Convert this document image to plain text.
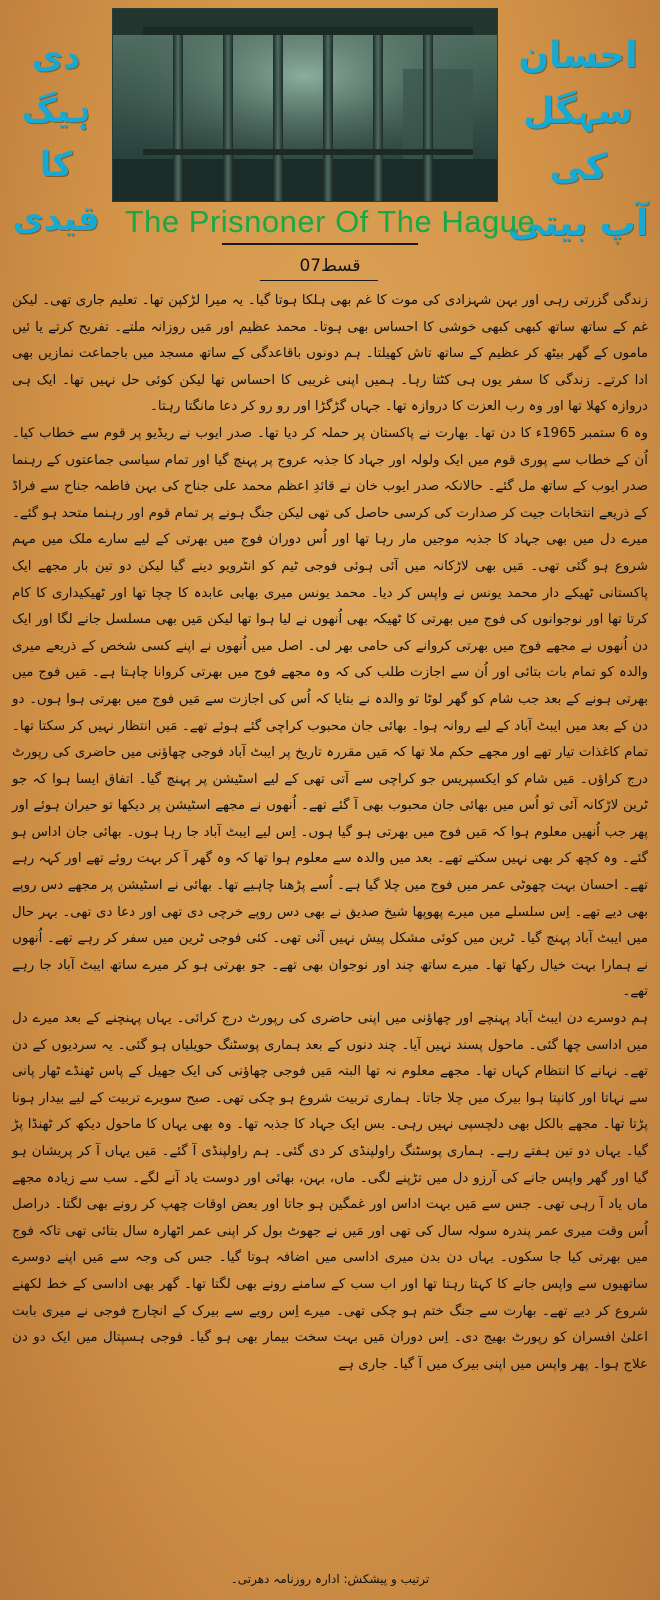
دی ہیگ
کا
قیدی
احسان سہگل
کی
آپ بیتی
The Prisnoner Of The Hague
قسط07

زندگی گزرتی رہی اور بہن شہزادی کی موت کا غم بھی ہلکا ہوتا گیا۔ یہ میرا لڑکپن تھا۔ تعلیم جاری تھی۔ لیکن غم کے ساتھ ساتھ کبھی کبھی خوشی کا احساس بھی ہوتا۔ محمد عظیم اور مَیں روزانہ ملتے۔ تفریح کرتے یا ئیں ماموں کے گھر بیٹھ کر عظیم کے ساتھ تاش کھیلتا۔ ہم دونوں باقاعدگی کے ساتھ مسجد میں باجماعت نمازیں بھی ادا کرتے۔ زندگی کا سفر یوں ہی کٹتا رہا۔ ہمیں اپنی غریبی کا احساس تھا لیکن کوئی حل نہیں تھا۔ ایک ہی دروازہ کھلا تھا اور وہ رب العزت کا دروازہ تھا۔ جہاں گڑگڑا اور رو رو کر دعا مانگتا رہتا۔

وہ 6 ستمبر 1965ء کا دن تھا۔ بھارت نے پاکستان پر حملہ کر دیا تھا۔ صدر ایوب نے ریڈیو پر قوم سے خطاب کیا۔ اُن کے خطاب سے پوری قوم میں ایک ولولہ اور جہاد کا جذبہ عروج پر پہنچ گیا اور تمام سیاسی جماعتوں کے رہنما صدر ایوب کے ساتھ مل گئے۔ حالانکہ صدر ایوب خان نے قائدِ اعظم محمد علی جناح کی بہن فاطمہ جناح سے فراڈ کے ذریعے انتخابات جیت کر صدارت کی کرسی حاصل کی تھی لیکن جنگ ہونے پر تمام قوم اور رہنما متحد ہو گئے۔ میرے دل میں بھی جہاد کا جذبہ موجیں مار رہا تھا اور اُس دوران فوج میں بھرتی کے لیے سارے ملک میں مہم شروع ہو گئی تھی۔ مَیں بھی لاڑکانہ میں آئی ہوئی فوجی ٹیم کو انٹرویو دینے گیا لیکن دو تین بار مجھے ایک پاکستانی ٹھیکے دار محمد یونس نے واپس کر دیا۔ محمد یونس میری بھابی عابدہ کا چچا تھا اور ٹھیکیداری کا کام کرتا تھا اور نوجوانوں کی فوج میں بھرتی کا ٹھیکہ بھی اُنھوں نے لیا ہوا تھا لیکن مَیں بھی مسلسل جانے لگا اور ایک دن اُنھوں نے مجھے فوج میں بھرتی کروانے کی حامی بھر لی۔ اصل میں اُنھوں نے اپنے کسی شخص کے ذریعے میری والدہ کو تمام بات بتائی اور اُن سے اجازت طلب کی کہ وہ مجھے فوج میں بھرتی کروانا چاہتا ہے۔ مَیں فوج میں بھرتی ہونے کے بعد جب شام کو گھر لوٹا تو والدہ نے بتایا کہ اُس کی اجازت سے مَیں فوج میں بھرتی ہوا ہوں۔ دو دن کے بعد میں ایبٹ آباد کے لیے روانہ ہوا۔ بھائی جان محبوب کراچی گئے ہوئے تھے۔ مَیں انتظار نہیں کر سکتا تھا۔ تمام کاغذات تیار تھے اور مجھے حکم ملا تھا کہ مَیں مقررہ تاریخ پر ایبٹ آباد فوجی چھاؤنی میں حاضری کی رپورٹ درج کراؤں۔ مَیں شام کو ایکسپریس جو کراچی سے آتی تھی کے لیے اسٹیشن پر پہنچ گیا۔ اتفاق ایسا ہوا کہ جو ٹرین لاڑکانہ آئی تو اُس میں بھائی جان محبوب بھی آ گئے تھے۔ اُنھوں نے مجھے اسٹیشن پر دیکھا تو حیران ہوئے اور پھر جب اُنھیں معلوم ہوا کہ مَیں فوج میں بھرتی ہو گیا ہوں۔ اِس لیے ایبٹ آباد جا رہا ہوں۔ بھائی جان اداس ہو گئے۔ وہ کچھ کر بھی نہیں سکتے تھے۔ بعد میں والدہ سے معلوم ہوا تھا کہ وہ گھر آ کر بہت روئے تھے اور کہہ رہے تھے۔ احسان بہت چھوٹی عمر میں فوج میں چلا گیا ہے۔ اُسے پڑھنا چاہیے تھا۔ بھائی نے اسٹیشن پر مجھے دس روپے بھی دیے تھے۔ اِس سلسلے میں میرے پھوپھا شیخ صدیق نے بھی دس روپے خرچی دی تھی اور دعا دی تھی۔ بہر حال میں ایبٹ آباد پہنچ گیا۔ ٹرین میں کوئی مشکل پیش نہیں آئی تھی۔ کئی فوجی ٹرین میں سفر کر رہے تھے۔ اُنھوں نے ہمارا بہت خیال رکھا تھا۔ میرے ساتھ چند اور نوجوان بھی تھے۔ جو بھرتی ہو کر میرے ساتھ ایبٹ آباد جا رہے تھے۔

ہم دوسرے دن ایبٹ آباد پہنچے اور چھاؤنی میں اپنی حاضری کی رپورٹ درج کرائی۔ یہاں پہنچنے کے بعد میرے دل میں اداسی چھا گئی۔ ماحول پسند نہیں آیا۔ چند دنوں کے بعد ہماری پوسٹنگ حویلیاں ہو گئی۔ یہ سردیوں کے دن تھے۔ نہانے کا انتظام کہاں تھا۔ مجھے معلوم نہ تھا البتہ مَیں فوجی چھاؤنی کی ایک جھیل کے پاس ٹھنڈے ٹھار پانی سے نہاتا اور کانپتا ہوا بیرک میں چلا جاتا۔ ہماری تربیت شروع ہو چکی تھی۔ صبح سویرے تربیت کے لیے بیدار ہونا پڑتا تھا۔ مجھے بالکل بھی دلچسپی نہیں رہی۔ بس ایک جہاد کا جذبہ تھا۔ وہ بھی یہاں کا ماحول دیکھ کر ٹھنڈا پڑ گیا۔ یہاں دو تین ہفتے رہے۔ ہماری پوسٹنگ راولپنڈی کر دی گئی۔ ہم راولپنڈی آ گئے۔ مَیں یہاں آ کر پریشان ہو گیا اور گھر واپس جانے کی آرزو دل میں تڑپنے لگی۔ ماں، بہن، بھائی اور دوست یاد آنے لگے۔ سب سے زیادہ مجھے ماں یاد آ رہی تھی۔ جس سے مَیں بہت اداس اور غمگین ہو جاتا اور بعض اوقات چھپ کر رونے بھی لگتا۔ دراصل اُس وقت میری عمر پندرہ سولہ سال کی تھی اور مَیں نے جھوٹ بول کر اپنی عمر اٹھارہ سال بتائی تھی تاکہ فوج میں بھرتی کیا جا سکوں۔ یہاں دن بدن میری اداسی میں اضافہ ہوتا گیا۔ جس کی وجہ سے مَیں اپنے دوسرے ساتھیوں سے واپس جانے کا کہتا رہتا تھا اور اب سب کے سامنے رونے بھی لگتا تھا۔ گھر بھی اداسی کے خط لکھنے شروع کر دیے تھے۔ بھارت سے جنگ ختم ہو چکی تھی۔ میرے اِس رویے سے بیرک کے انچارج فوجی نے میری بابت اعلیٰ افسران کو رپورٹ بھیج دی۔ اِس دوران مَیں بہت سخت بیمار بھی ہو گیا۔ فوجی ہسپتال میں ایک دو دن علاج ہوا۔ پھر واپس میں اپنی بیرک میں آ گیا۔ جاری ہے

ترتیب و پیشکش: ادارہ روزنامہ دھرتی۔
